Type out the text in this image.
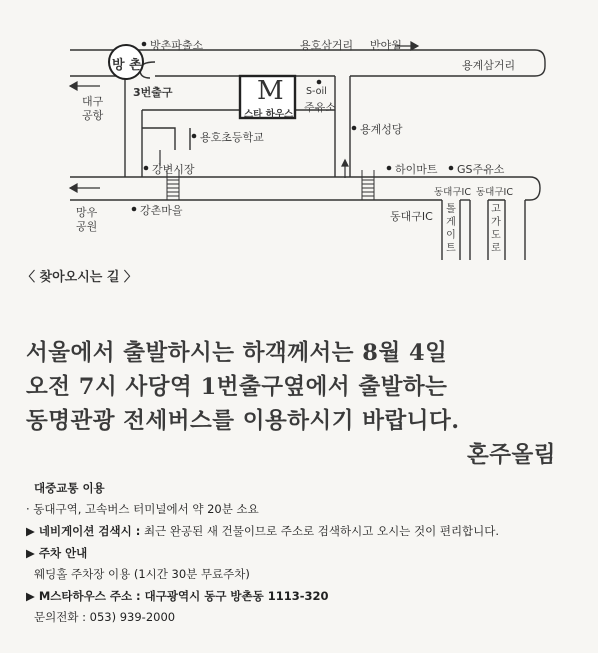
방 촌
방촌파출소
3번출구
대구
공항
용호삼거리 반야월
용계삼거리
M
스타 하우스
S-oil
주유소
용계성당
용호초등학교
강변시장	하이마트 GS주유소
동대구IC 동대구IC
동대구IC
망우
공원
강촌마을	톨게이트
고가도로
〈 찾아오시는 길 〉
서울에서 출발하시는 하객께서는 8월 4일
오전 7시 사당역 1번출구옆에서 출발하는
동명관광 전세버스를 이용하시기 바랍니다.
혼주올림
대중교통 이용
· 동대구역, 고속버스 터미널에서 약 20분 소요
▶ 네비게이션 검색시 : 최근 완공된 새 건물이므로 주소로 검색하시고 오시는 것이 편리합니다.
▶ 주차 안내
웨딩홀 주차장 이용 (1시간 30분 무료주차)
▶ M스타하우스 주소 : 대구광역시 동구 방촌동 1113-320
문의전화 : 053) 939-2000
